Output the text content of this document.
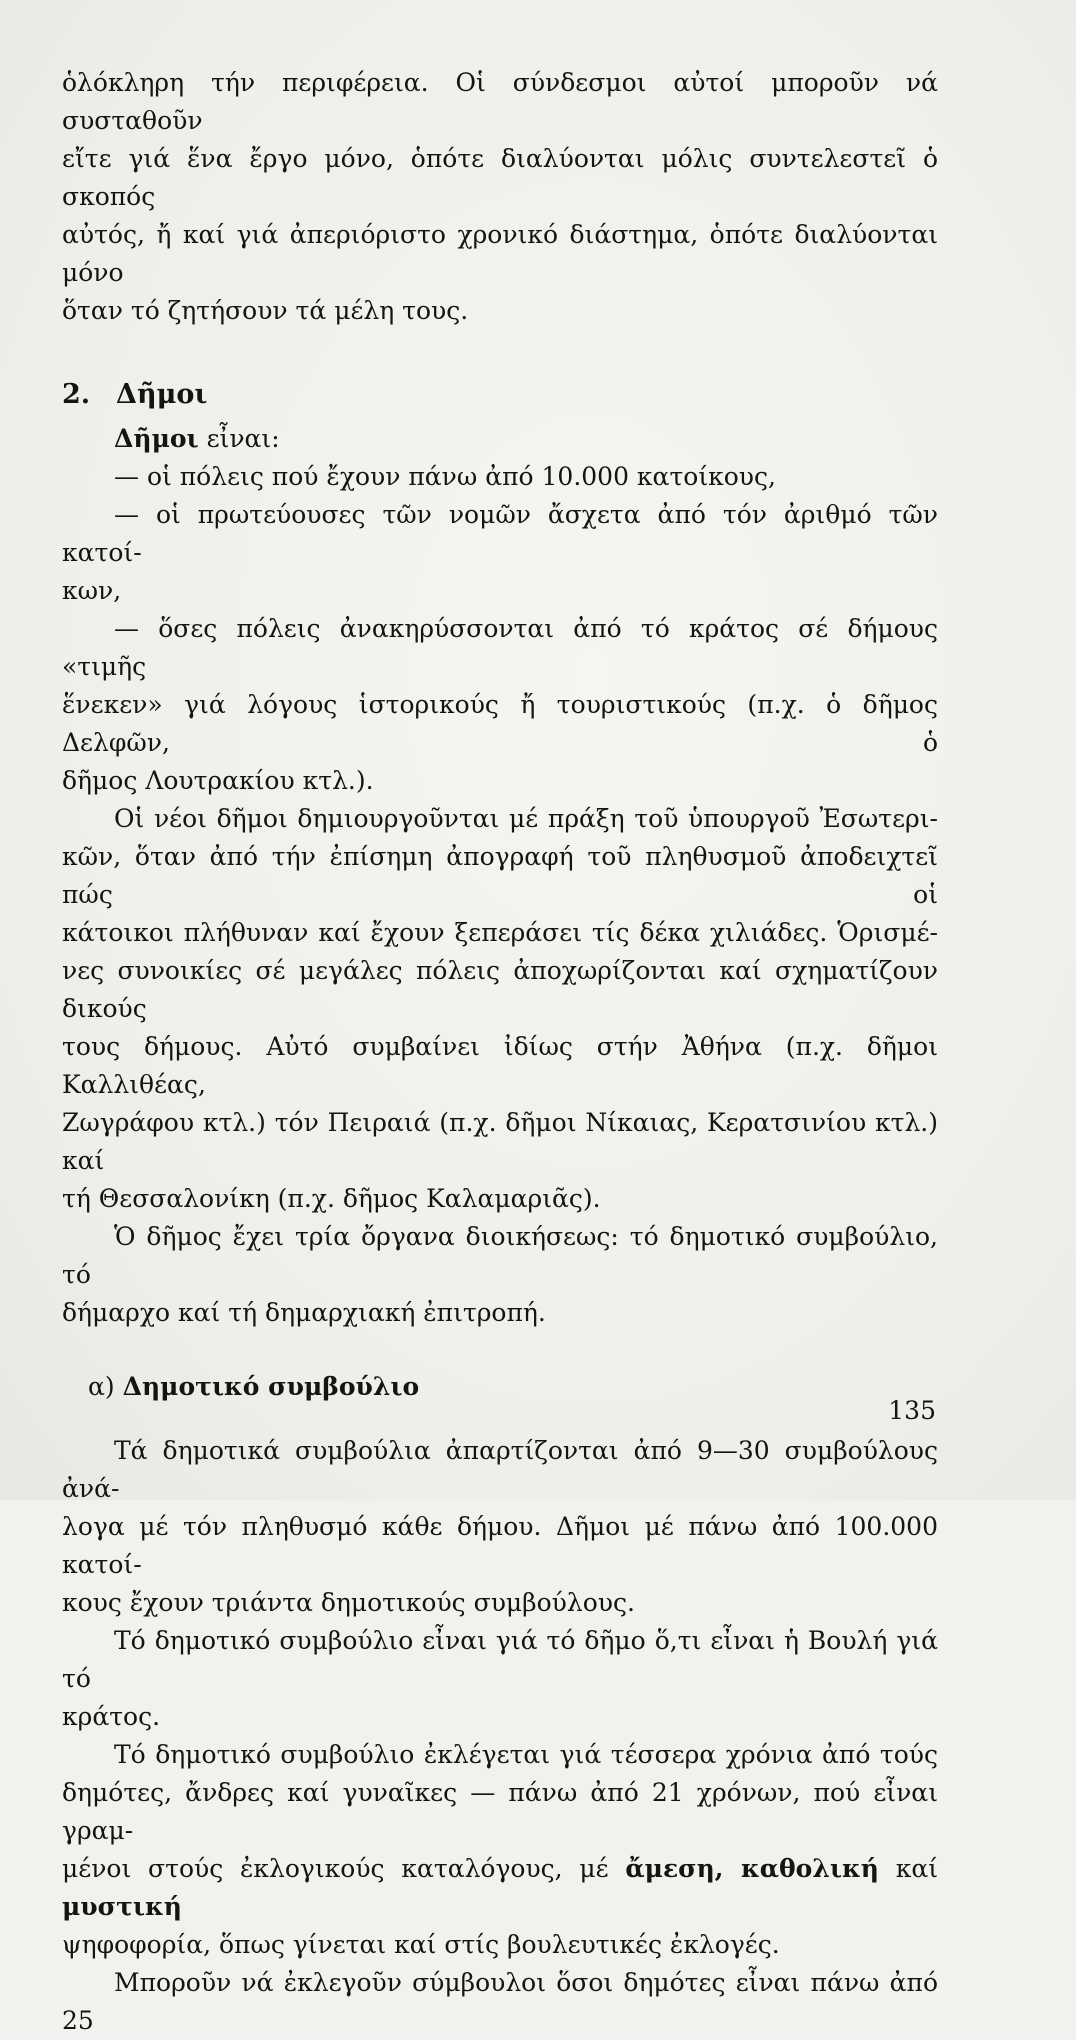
ὁλόκληρη τήν περιφέρεια. Οἱ σύνδεσμοι αὐτοί μποροῦν νά συσταθοῦν

εἴτε γιά ἕνα ἔργο μόνο, ὁπότε διαλύονται μόλις συντελεστεῖ ὁ σκοπός

αὐτός, ἤ καί γιά ἀπεριόριστο χρονικό διάστημα, ὁπότε διαλύονται μόνο

ὅταν τό ζητήσουν τά μέλη τους.

2. Δῆμοι

Δῆμοι εἶναι:

— οἱ πόλεις πού ἔχουν πάνω ἀπό 10.000 κατοίκους,

— οἱ πρωτεύουσες τῶν νομῶν ἄσχετα ἀπό τόν ἀριθμό τῶν κατοί-

κων,

— ὅσες πόλεις ἀνακηρύσσονται ἀπό τό κράτος σέ δήμους «τιμῆς

ἕνεκεν» γιά λόγους ἱστορικούς ἤ τουριστικούς (π.χ. ὁ δῆμος Δελφῶν, ὁ

δῆμος Λουτρακίου κτλ.).

Οἱ νέοι δῆμοι δημιουργοῦνται μέ πράξη τοῦ ὑπουργοῦ Ἐσωτερι-

κῶν, ὅταν ἀπό τήν ἐπίσημη ἀπογραφή τοῦ πληθυσμοῦ ἀποδειχτεῖ πώς οἱ

κάτοικοι πλήθυναν καί ἔχουν ξεπεράσει τίς δέκα χιλιάδες. Ὁρισμέ-

νες συνοικίες σέ μεγάλες πόλεις ἀποχωρίζονται καί σχηματίζουν δικούς

τους δήμους. Αὐτό συμβαίνει ἰδίως στήν Ἀθήνα (π.χ. δῆμοι Καλλιθέας,

Ζωγράφου κτλ.) τόν Πειραιά (π.χ. δῆμοι Νίκαιας, Κερατσινίου κτλ.) καί

τή Θεσσαλονίκη (π.χ. δῆμος Καλαμαριᾶς).

Ὁ δῆμος ἔχει τρία ὄργανα διοικήσεως: τό δημοτικό συμβούλιο, τό

δήμαρχο καί τή δημαρχιακή ἐπιτροπή.

α) Δημοτικό συμβούλιο

Τά δημοτικά συμβούλια ἀπαρτίζονται ἀπό 9—30 συμβούλους ἀνά-

λογα μέ τόν πληθυσμό κάθε δήμου. Δῆμοι μέ πάνω ἀπό 100.000 κατοί-

κους ἔχουν τριάντα δημοτικούς συμβούλους.

Τό δημοτικό συμβούλιο εἶναι γιά τό δῆμο ὅ,τι εἶναι ἡ Βουλή γιά τό

κράτος.

Τό δημοτικό συμβούλιο ἐκλέγεται γιά τέσσερα χρόνια ἀπό τούς

δημότες, ἄνδρες καί γυναῖκες — πάνω ἀπό 21 χρόνων, πού εἶναι γραμ-

μένοι στούς ἐκλογικούς καταλόγους, μέ ἄμεση, καθολική καί μυστική

ψηφοφορία, ὅπως γίνεται καί στίς βουλευτικές ἐκλογές.

Μποροῦν νά ἐκλεγοῦν σύμβουλοι ὅσοι δημότες εἶναι πάνω ἀπό 25

135
